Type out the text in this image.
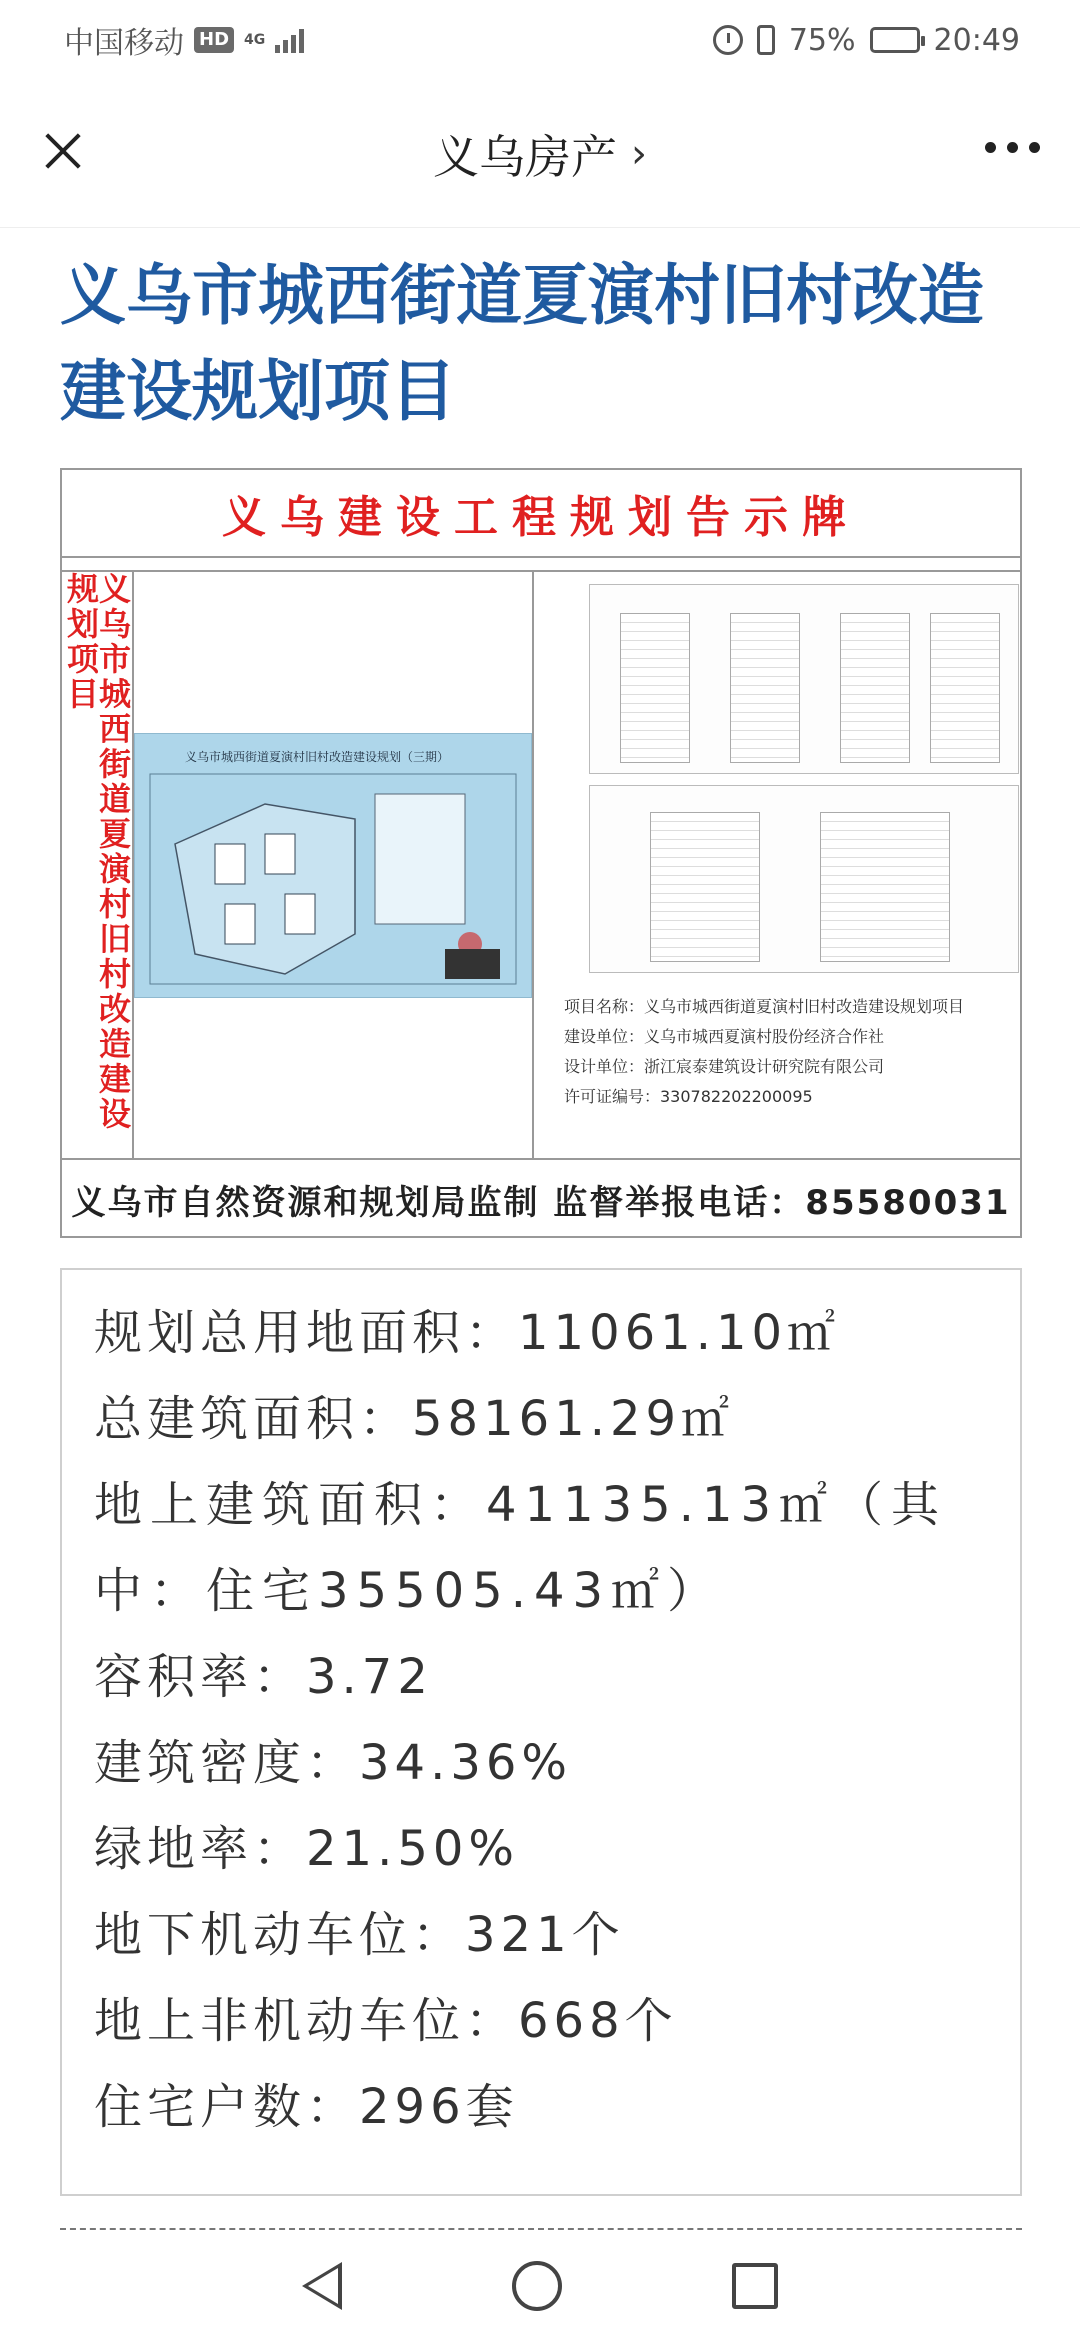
中国移动 HD	4G	75%	20:49
义乌房产 ›
义乌市城西街道夏演村旧村改造建设规划项目
义乌建设工程规划告示牌
义乌市城西街道夏演村旧村改造建设规划项目
义乌市城西街道夏演村旧村改造建设规划（三期）
项目名称：义乌市城西街道夏演村旧村改造建设规划项目
建设单位：义乌市城西夏演村股份经济合作社
设计单位：浙江宸泰建筑设计研究院有限公司
许可证编号：330782202200095
义乌市自然资源和规划局监制 监督举报电话：85580031
规划总用地面积：11061.10㎡
总建筑面积：58161.29㎡
地上建筑面积：41135.13㎡（其中：住宅35505.43㎡）
容积率：3.72
建筑密度：34.36%
绿地率：21.50%
地下机动车位：321个
地上非机动车位：668个
住宅户数：296套
